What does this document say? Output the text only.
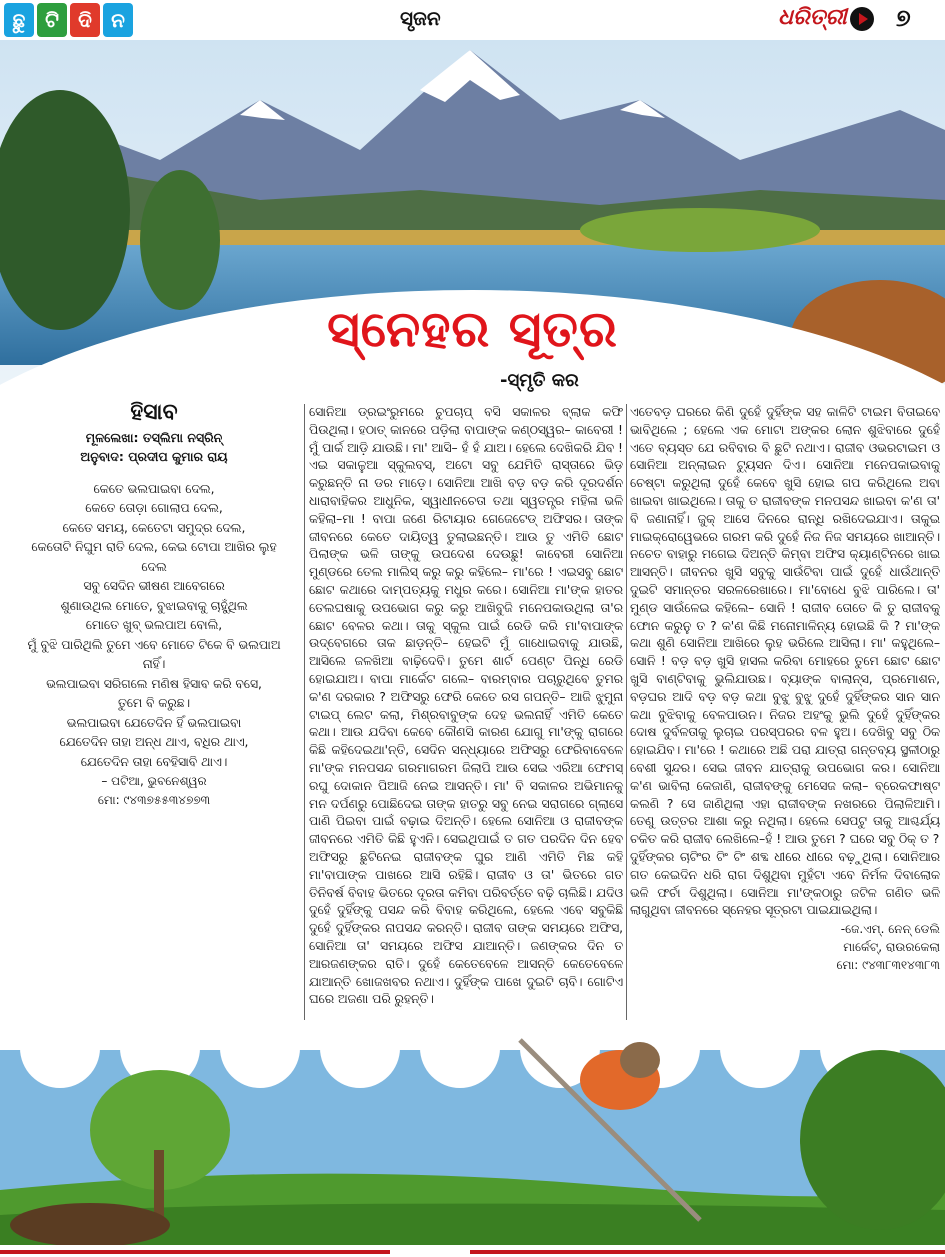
ଛୁ ଟି ଦି ନ	ସୃଜନ	ଧରିତ୍ରୀ ୭
ସ୍ନେହର ସୂତ୍ର
-ସ୍ମୃତି କର
ହିସାବ
ମୂଳଲେଖା: ତସ୍‌ଲିମା ନସ୍‌ରିନ୍
ଅନୁବାଦ: ପ୍ରଦୀପ କୁମାର ରାୟ
କେତେ ଭଲପାଇବା ଦେଲ,
କେତେ ତୋଡ଼ା ଗୋଲାପ ଦେଲ,
କେତେ ସମୟ, କେତେଟା ସମୁଦ୍ର ଦେଲ,
କେତୋଟି ନିଘୁମ ରାତି ଦେଲ, କେଇ ଟୋପା ଆଖିର ଲୁହ
ଦେଲ
ସବୁ ସେଦିନ ଭୀଷଣ ଆବେଗରେ
ଶୁଣାଉଥିଲ ମୋତେ, ବୁଝାଇବାକୁ ଚାହୁଁଥିଲ
ମୋତେ ଖୁବ୍ ଭଲପାଅ ବୋଲି,
ମୁଁ ବୁଝି ପାରିଥିଲି ତୁମେ ଏବେ ମୋତେ ଟିକେ ବି ଭଲପାଅ
ନାହିଁ।
ଭଲପାଇବା ସରିଗଲେ ମଣିଷ ହିସାବ କରି ବସେ,
ତୁମେ ବି କରୁଛ।
ଭଲପାଇବା ଯେତେଦିନ ହିଁ ଭଲପାଇବା
ଯେତେଦିନ ତାହା ଅନ୍ଧ ଥାଏ, ବଧିର ଥାଏ,
ଯେତେଦିନ ତାହା ବେହିସାବି ଥାଏ।
– ପଟିଆ, ଭୁବନେଶ୍ୱର
ମୋ: ୯୪୩୭୫୫୩୪୭୭୩

ସୋନିଆ ଡ୍ରଇଂରୁମରେ ଚୁପଚାପ୍ ବସି ସକାଳର ବ୍ଲାକ କଫି ପିଉଥିଲା। ହଠାତ୍ କାନରେ ପଡ଼ିଲା ବାପାଙ୍କ କଣ୍ଠସ୍ୱର– କାବେରୀ ! ମୁଁ ପାର୍କ ଆଡ଼ି ଯାଉଛି। ମା' ଆସି– ହଁ ହଁ ଯାଅ। ହେଲେ ଦେଖିକରି ଯିବ ! ଏଇ ସକାଳୁଆ ସ୍କୁଲବସ୍, ଅଟୋ ସବୁ ଯେମିତି ରାସ୍ତାରେ ଭିଡ଼ କରୁଛନ୍ତି ନା ଡର ମାଡ଼େ। ସୋନିଆ ଆଖି ବଡ଼ ବଡ଼ କରି ଦୂରଦର୍ଶନ ଧାରାବାହିକର ଆଧୁନିକ, ସ୍ୱାଧୀନଚେତା ତଥା ସ୍ୱତନ୍ତ୍ର ମହିଳା ଭଳି କହିଲା–ମା ! ବାପା ଜଣେ ରିଟାୟାର ଗେଜେଟେଡ୍ ଅଫିସର। ତାଙ୍କ ଜୀବନରେ କେତେ ଦାୟିତ୍ୱ ତୁଲାଇଛନ୍ତି। ଆଉ ତୁ ଏମିତି ଛୋଟ ପିଲାଙ୍କ ଭଳି ତାଙ୍କୁ ଉପଦେଶ ଦେଉଛୁ! କାବେରୀ ସୋନିଆ ମୁଣ୍ଡରେ ତେଲ ମାଲିସ୍ କରୁ କରୁ କହିଲେ– ମା'ରେ ! ଏଇସବୁ ଛୋଟ ଛୋଟ କଥାରେ ଦାମ୍ପତ୍ୟକୁ ମଧୁର କରେ। ସୋନିଆ ମା'ଙ୍କ ହାତର ତେଲଘଷାକୁ ଉପଭୋଗ କରୁ କରୁ ଆଖିବୁଜି ମନେପକାଉଥିଲା ତା'ର ଛୋଟ ବେଳର କଥା। ତାକୁ ସ୍କୁଲ ପାଇଁ ରେଡି କରି ମା'ବାପାଙ୍କ ଉଦ୍‌ବେଗରେ ତାକ ଛାଡ଼ନ୍ତି– ହେଇଟି ମୁଁ ଗାଧୋଇବାକୁ ଯାଉଛି, ଆସିଲେ ଜଳଖିଆ ବାଢ଼ିଦେବି। ତୁମେ ଶାର୍ଟ ପେଣ୍ଟ ପିନ୍ଧି ରେଡି ହୋଇଯାଅ। ବାପା ମାର୍କେଟ ଗଲେ– ବାରମ୍ବାର ପଚାରୁଥିବେ ତୁମର କ'ଣ ଦରକାର ? ଅଫିସରୁ ଫେରି କେତେ ରସ ଗପନ୍ତି– ଆଜି ଝୁମୁନା ଟାଇପ୍ ଲେଟ କଲା, ମିଶ୍ରବାବୁଙ୍କ ଦେହ ଭଲନାହିଁ ଏମିତି କେତେ କଥା। ଆଉ ଯଦିବା କେବେ କୌଣସି କାରଣ ଯୋଗୁ ମା'ଙ୍କୁ ରାଗରେ କିଛି କହିଦେଇଥା'ନ୍ତି, ସେଦିନ ସନ୍ଧ୍ୟାରେ ଅଫିସରୁ ଫେରିବାବେଳେ ମା'ଙ୍କ ମନପସନ୍ଦ ଗରମାଗରମ ଜିଲାପି ଆଉ ସେଇ ଏରିଆ ଫେମସ୍ ରଘୁ ଦୋକାନ ପିଆଜି ନେଇ ଆସନ୍ତି। ମା' ବି ସକାଳର ଅଭିମାନକୁ ମନ ଦର୍ପଣରୁ ପୋଛିଦେଇ ତାଙ୍କ ହାତରୁ ସବୁ ନେଇ ସରାଗରେ ଗ୍ଲାସେ ପାଣି ପିଇବା ପାଇଁ ବଢ଼ାଇ ଦିଅନ୍ତି। ହେଲେ ସୋନିଆ ଓ ରାଜୀବଙ୍କ ଜୀବନରେ ଏମିତି କିଛି ହୁଏନି। ସେଇଥିପାଇଁ ତ ଗତ ପରଦିନ ଦିନ ହେବ ଅଫିସରୁ ଛୁଟିନେଇ ରାଜୀବଙ୍କ ଘୁର ଆଣି ଏମିତି ମିଛ କହି ମା'ବାପାଙ୍କ ପାଖରେ ଆସି ରହିଛି। ରାଜୀବ ଓ ତା' ଭିତରେ ଗତ ତିନିବର୍ଷ ବିବାହ ଭିତରେ ଦୂରତା କମିବା ପରିବର୍ତ୍ତେ ବଢ଼ି ଚାଲିଛି। ଯଦିଓ ଦୁହେଁ ଦୁହିଁଙ୍କୁ ପସନ୍ଦ କରି ବିବାହ କରିଥିଲେ, ହେଲେ ଏବେ ସବୁକିଛି ଦୁହେଁ ଦୁହିଁଙ୍କର ନାପସନ୍ଦ କରନ୍ତି। ରାଜୀବ ତାଙ୍କ ସମୟରେ ଅଫିସ, ସୋନିଆ ତା' ସମୟରେ ଅଫିସ ଯାଆନ୍ତି। ଜଣଙ୍କର ଦିନ ତ ଆରଜଣଙ୍କର ରାତି। ଦୁହେଁ କେତେବେଳେ ଆସନ୍ତି କେତେବେଳେ ଯାଆନ୍ତି ଖୋଜଖବର ନଥାଏ। ଦୁହିଁଙ୍କ ପାଖେ ଦୁଇଟି ଚାବି। ଗୋଟିଏ ଘରେ ଅଜଣା ପରି ରୁହନ୍ତି।

ଏତେବଡ଼ ଘରରେ କିଣି ଦୁହେଁ ଦୁହିଁଙ୍କ ସହ କାଳିଟି ଟାଇମ ବିତାଇବେ ଭାବିଥିଲେ ; ହେଲେ ଏକ ମୋଟା ଅଙ୍କର ଲୋନ ଶୁଝିବାରେ ଦୁହେଁ ଏତେ ବ୍ୟସ୍ତ ଯେ ରବିବାର ବି ଛୁଟି ନଥାଏ। ରାଜୀବ ଓଭରଟାଇମ ଓ ସୋନିଆ ଅନ୍‌ଲାଇନ ଟ୍ୟୁସନ ଦିଏ। ସୋନିଆ ମନେପକାଇବାକୁ ଚେଷ୍ଟା କରୁଥିଲା ଦୁହେଁ କେବେ ଖୁସି ହୋଇ ଗପ କରିଥିଲେ ଅବା ଖାଇବା ଖାଇଥିଲେ। ତାକୁ ତ ରାଜୀବଙ୍କ ମନପସନ୍ଦ ଖାଇବା କ'ଣ ତା' ବି ଜଣାନାହିଁ। ଜୁକ୍ ଆସେ ଦିନରେ ରାନ୍ଧି ରଖିଦେଇଯାଏ। ତାକୁଇ ମାଇକ୍ରୋୱେଭରେ ଗରମ କରି ଦୁହେଁ ନିଜ ନିଜ ସମୟରେ ଖାଆନ୍ତି। ନଚେତ ବାହାରୁ ମଗେଇ ଦିଅନ୍ତି କିମ୍ବା ଅଫିସ କ୍ୟାଣ୍ଟିନରେ ଖାଇ ଆସନ୍ତି। ଜୀବନର ଖୁସି ସବୁକୁ ସାଉଁଟିବା ପାଇଁ ଦୁହେଁ ଧାଉଁଥାନ୍ତି ଦୁଇଟି ସମାନ୍ତର ସରଳରେଖାରେ। ମା'ବୋଧେ ବୁଝି ପାରିଲେ। ତା' ମୁଣ୍ଡ ସାଉଁଳେଇ କହିଲେ– ସୋନି ! ରାଜୀବ ତୋତେ କି ତୁ ରାଜୀବକୁ ଫୋନ କରୁନୁ ତ ? କ'ଣ କିଛି ମନୋମାଳିନ୍ୟ ହୋଇଛି କି ? ମା'ଙ୍କ କଥା ଶୁଣି ସୋନିଆ ଆଖିରେ ଲୁହ ଭରିଲେ ଆସିଲା। ମା' କହୁଥିଲେ– ସୋନି ! ବଡ଼ ବଡ଼ ଖୁସି ହାସଲ କରିବା ମୋହରେ ତୁମେ ଛୋଟ ଛୋଟ ଖୁସି ବାଣ୍ଟିବାକୁ ଭୁଲିଯାଉଛ। ବ୍ୟାଙ୍କ ବାଲାନ୍ସ, ପ୍ରମୋଶନ, ବଡ଼ଘର ଆଦି ବଡ଼ ବଡ଼ କଥା ବୁଝୁ ବୁଝୁ ଦୁହେଁ ଦୁହିଁଙ୍କର ସାନ ସାନ କଥା ବୁଝିବାକୁ ବେଳପାଉନ। ନିଜର ଅହଂକୁ ଭୁଲି ଦୁହେଁ ଦୁହିଁଙ୍କର ଦୋଷ ଦୁର୍ବଳତାକୁ ଲୁଚାଇ ପରସ୍ପରର ବଳ ହୁଅ। ଦେଖିବୁ ସବୁ ଠିକ ହୋଇଯିବ। ମା'ରେ ! କଥାରେ ଅଛି ପରା ଯାତ୍ରା ଗନ୍ତବ୍ୟ ସ୍ଥଳୀଠାରୁ ବେଶୀ ସୁନ୍ଦର। ସେଇ ଜୀବନ ଯାତ୍ରାକୁ ଉପଭୋଗ କର। ସୋନିଆ କ'ଣ ଭାବିଲା କେଜାଣି, ରାଜୀବଙ୍କୁ ମେସେଜ କଲା– ବ୍ରେକଫାଷ୍ଟ କଲଣି ? ସେ ଜାଣିଥିଲା ଏହା ରାଜୀବଙ୍କ ନଖରରେ ପିଲାଳିଆମି। ତେଣୁ ଉତ୍ତର ଆଶା କରୁ ନଥିଲା। ହେଲେ ସେପଟୁ ତାକୁ ଆଶ୍ଚର୍ଯ୍ୟ ଚକିତ କରି ରାଜୀବ ଲେଖିଲେ–ହଁ ! ଆଉ ତୁମେ ? ଘରେ ସବୁ ଠିକ୍ ତ ?

ଦୁହିଁଙ୍କର ଚାଟିଂର ଟିଂ ଟିଂ ଶବ୍ଦ ଧୀରେ ଧୀରେ ବଢ଼ୁଥିଲା। ସୋନିଆର ଗତ କେଇଦିନ ଧରି ରାଗ ଦିଶୁଥିବା ମୁହଁଟା ଏବେ ନିର୍ମଳ ଦିବାଲୋକ ଭଳି ଫର୍ଚା ଦିଶୁଥିଲା। ସୋନିଆ ମା'ଙ୍କଠାରୁ ଜଟିଳ ଗଣିତ ଭଳି ଲାଗୁଥିବା ଜୀବନରେ ସ୍ନେହର ସୂତ୍ରଟା ପାଇଯାଇଥିଲା।

-ଜେ.ଏମ୍. ନେନ୍ ଡେଲି
ମାର୍କେଟ୍, ରାଉରକେଲା
ମୋ: ୯୪୩୮୩୧୪୩୮୩
